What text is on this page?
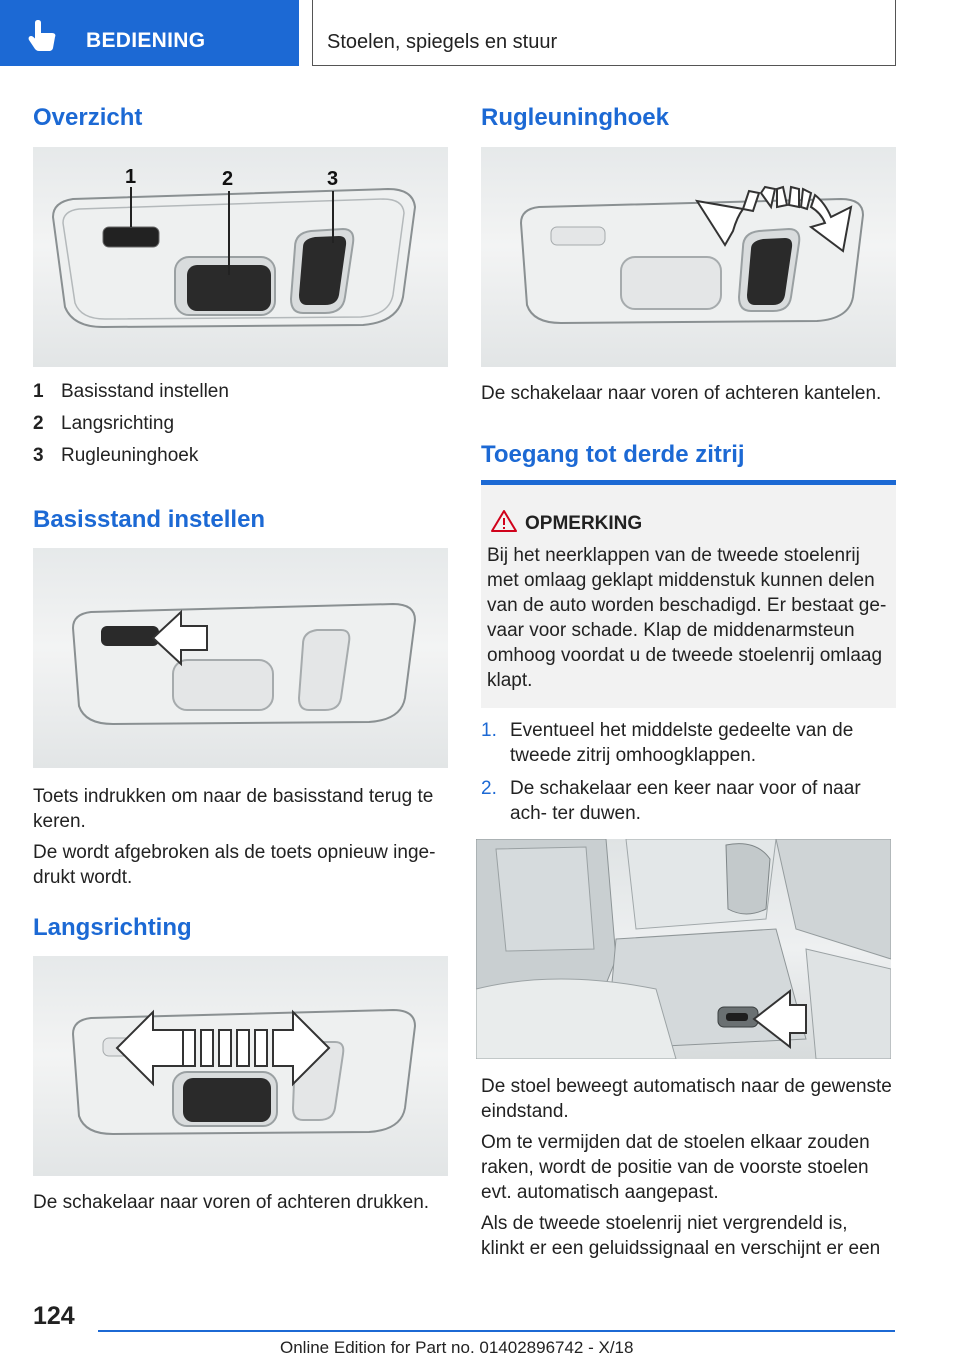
BEDIENING	Stoelen, spiegels en stuur
Overzicht
1	2	3
1 Basisstand instellen
2 Langsrichting
3 Rugleuninghoek
Basisstand instellen

Toets indrukken om naar de basisstand terug te keren.

De wordt afgebroken als de toets opnieuw inge- drukt wordt.

Langsrichting

De schakelaar naar voren of achteren drukken.

Rugleuninghoek

De schakelaar naar voren of achteren kantelen.

Toegang tot derde zitrij
OPMERKING

Bij het neerklappen van de tweede stoelenrij met omlaag geklapt middenstuk kunnen delen van de auto worden beschadigd. Er bestaat ge- vaar voor schade. Klap de middenarmsteun omhoog voordat u de tweede stoelenrij omlaag klapt.

1. Eventueel het middelste gedeelte van de tweede zitrij omhoogklappen.
2. De schakelaar een keer naar voor of naar ach- ter duwen.

De stoel beweegt automatisch naar de gewenste eindstand.

Om te vermijden dat de stoelen elkaar zouden raken, wordt de positie van de voorste stoelen evt. automatisch aangepast.

Als de tweede stoelenrij niet vergrendeld is, klinkt er een geluidssignaal en verschijnt er een

124
Online Edition for Part no. 01402896742 - X/18
